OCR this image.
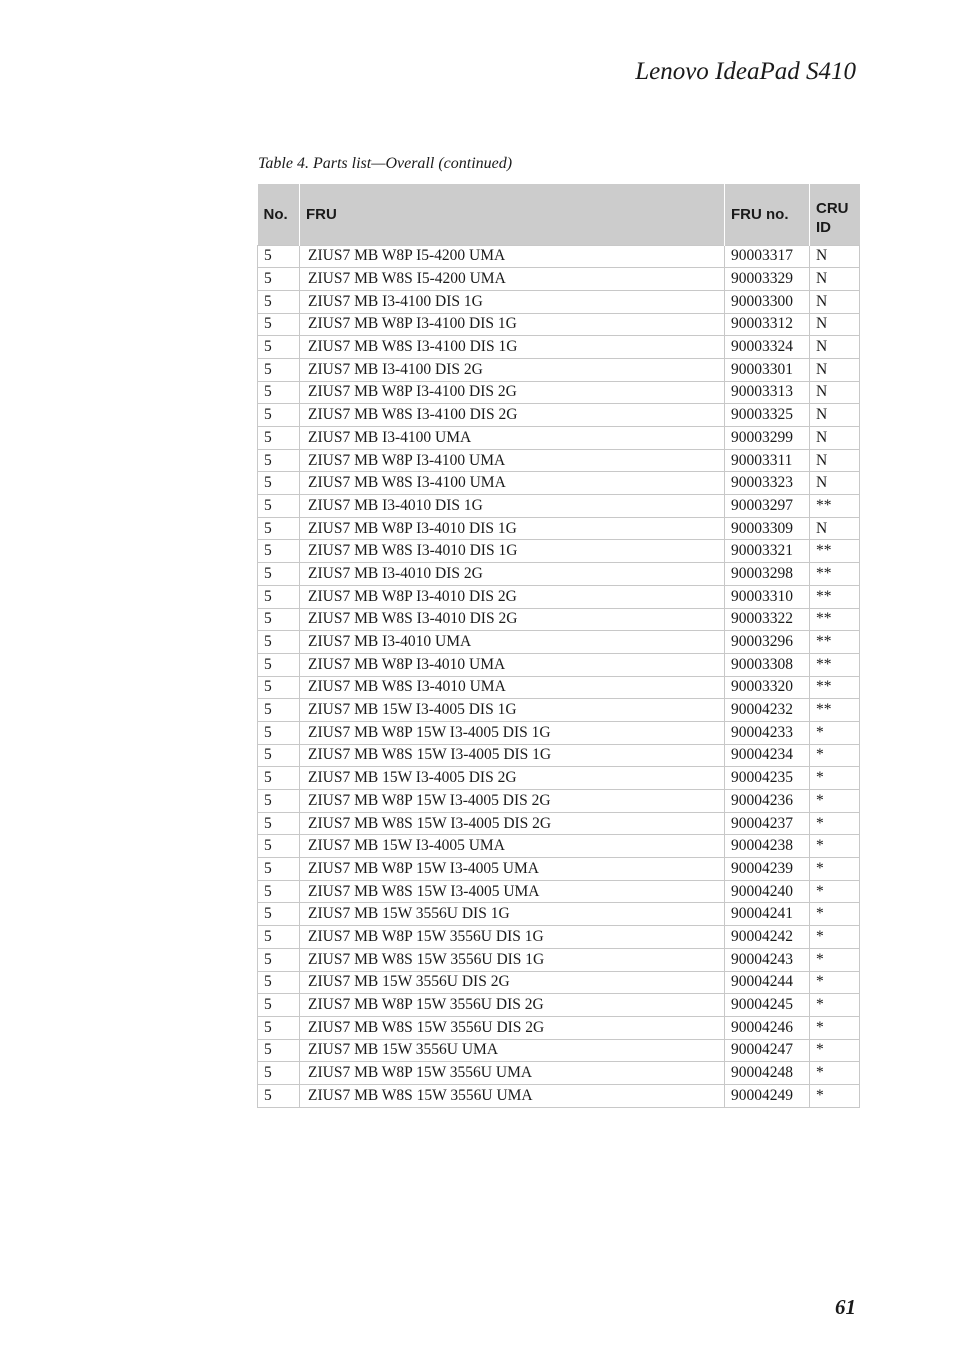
Lenovo IdeaPad S410
Table 4. Parts list—Overall (continued)
No.	FRU	FRU no.	CRU
ID
5	ZIUS7 MB W8P I5-4200 UMA	90003317	N
5	ZIUS7 MB W8S I5-4200 UMA	90003329	N
5	ZIUS7 MB I3-4100 DIS 1G	90003300	N
5	ZIUS7 MB W8P I3-4100 DIS 1G	90003312	N
5	ZIUS7 MB W8S I3-4100 DIS 1G	90003324	N
5	ZIUS7 MB I3-4100 DIS 2G	90003301	N
5	ZIUS7 MB W8P I3-4100 DIS 2G	90003313	N
5	ZIUS7 MB W8S I3-4100 DIS 2G	90003325	N
5	ZIUS7 MB I3-4100 UMA	90003299	N
5	ZIUS7 MB W8P I3-4100 UMA	90003311	N
5	ZIUS7 MB W8S I3-4100 UMA	90003323	N
5	ZIUS7 MB I3-4010 DIS 1G	90003297	**
5	ZIUS7 MB W8P I3-4010 DIS 1G	90003309	N
5	ZIUS7 MB W8S I3-4010 DIS 1G	90003321	**
5	ZIUS7 MB I3-4010 DIS 2G	90003298	**
5	ZIUS7 MB W8P I3-4010 DIS 2G	90003310	**
5	ZIUS7 MB W8S I3-4010 DIS 2G	90003322	**
5	ZIUS7 MB I3-4010 UMA	90003296	**
5	ZIUS7 MB W8P I3-4010 UMA	90003308	**
5	ZIUS7 MB W8S I3-4010 UMA	90003320	**
5	ZIUS7 MB 15W I3-4005 DIS 1G	90004232	**
5	ZIUS7 MB W8P 15W I3-4005 DIS 1G	90004233	*
5	ZIUS7 MB W8S 15W I3-4005 DIS 1G	90004234	*
5	ZIUS7 MB 15W I3-4005 DIS 2G	90004235	*
5	ZIUS7 MB W8P 15W I3-4005 DIS 2G	90004236	*
5	ZIUS7 MB W8S 15W I3-4005 DIS 2G	90004237	*
5	ZIUS7 MB 15W I3-4005 UMA	90004238	*
5	ZIUS7 MB W8P 15W I3-4005 UMA	90004239	*
5	ZIUS7 MB W8S 15W I3-4005 UMA	90004240	*
5	ZIUS7 MB 15W 3556U DIS 1G	90004241	*
5	ZIUS7 MB W8P 15W 3556U DIS 1G	90004242	*
5	ZIUS7 MB W8S 15W 3556U DIS 1G	90004243	*
5	ZIUS7 MB 15W 3556U DIS 2G	90004244	*
5	ZIUS7 MB W8P 15W 3556U DIS 2G	90004245	*
5	ZIUS7 MB W8S 15W 3556U DIS 2G	90004246	*
5	ZIUS7 MB 15W 3556U UMA	90004247	*
5	ZIUS7 MB W8P 15W 3556U UMA	90004248	*
5	ZIUS7 MB W8S 15W 3556U UMA	90004249	*
61
